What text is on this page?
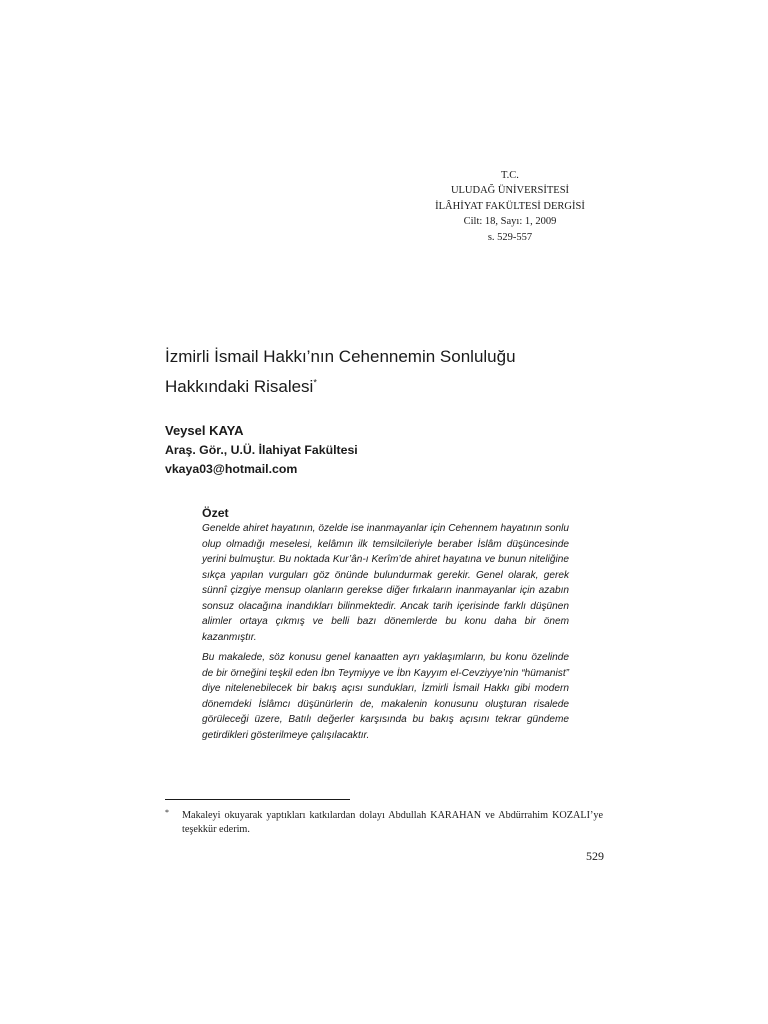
T.C.
ULUDAĞ ÜNİVERSİTESİ
İLÂHİYAT FAKÜLTESİ DERGİSİ
Cilt: 18, Sayı: 1, 2009
s. 529-557
İzmirli İsmail Hakkı’nın Cehennemin Sonluluğu
Hakkındaki Risalesi*
Veysel KAYA
Araş. Gör., U.Ü. İlahiyat Fakültesi
vkaya03@hotmail.com
Özet

Genelde ahiret hayatının, özelde ise inanmayanlar için Cehennem hayatının sonlu olup olmadığı meselesi, kelâmın ilk temsilcileriyle beraber İslâm düşüncesinde yerini bulmuştur. Bu noktada Kur’ân-ı Kerîm’de ahiret hayatına ve bunun niteliğine sıkça yapılan vurguları göz önünde bulundurmak gerekir. Genel olarak, gerek sünnî çizgiye mensup olanların gerekse diğer fırkaların inanmayanlar için azabın sonsuz olacağına inandıkları bilinmektedir. Ancak tarih içerisinde farklı düşünen alimler ortaya çıkmış ve belli bazı dönemlerde bu konu daha bir önem kazanmıştır.

Bu makalede, söz konusu genel kanaatten ayrı yaklaşımların, bu konu özelinde de bir örneğini teşkil eden İbn Teymiyye ve İbn Kayyım el-Cevziyye’nin “hümanist” diye nitelenebilecek bir bakış açısı sundukları, İzmirli İsmail Hakkı gibi modern dönemdeki İslâmcı düşünürlerin de, makalenin konusunu oluşturan risalede görüleceği üzere, Batılı değerler karşısında bu bakış açısını tekrar gündeme getirdikleri gösterilmeye çalışılacaktır.

* Makaleyi okuyarak yaptıkları katkılardan dolayı Abdullah KARAHAN ve Abdürrahim KOZALI’ye teşekkür ederim.
529
